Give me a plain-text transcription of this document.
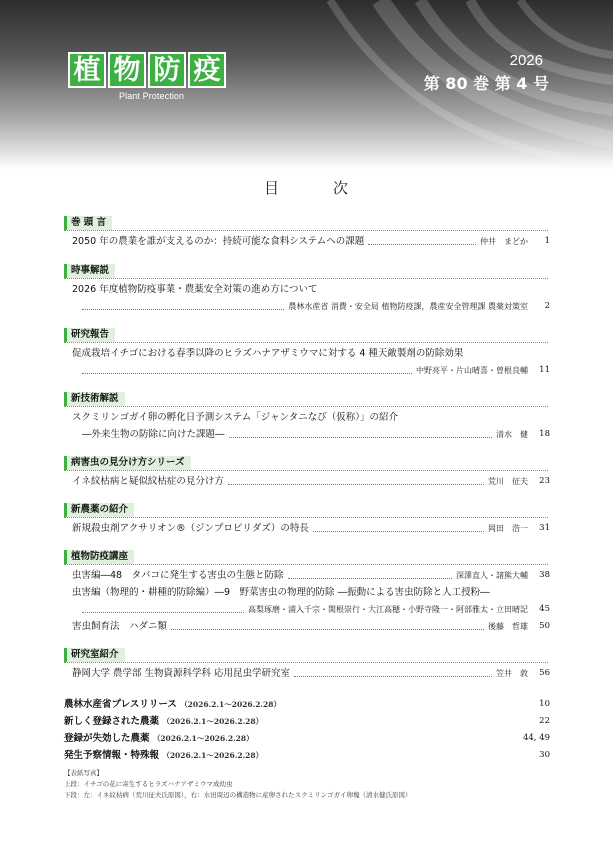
植 物 防 疫
Plant Protection
2026
第 80 巻 第 4 号
目次
巻 頭 言
2050 年の農業を誰が支えるのか：持続可能な食料システムへの課題	仲井　まどか	1
時事解説
2026 年度植物防疫事業・農薬安全対策の進め方について
農林水産省 消費・安全局 植物防疫課，農産安全管理課 農薬対策室	2
研究報告
促成栽培イチゴにおける春季以降のヒラズハナアザミウマに対する 4 種天敵製剤の防除効果
中野亮平・片山晴喜・曽根良輔	11
新技術解説
スクミリンゴガイ卵の孵化日予測システム「ジャンタニなび（仮称）」の紹介
―外来生物の防除に向けた課題―	清水　健	18
病害虫の見分け方シリーズ
イネ紋枯病と疑似紋枯症の見分け方	荒川　征夫	23
新農薬の紹介
新規殺虫剤アクサリオン®（ジンプロピリダズ）の特長	岡田　浩一	31
植物防疫講座
虫害編―48　タバコに発生する害虫の生態と防除	深澤直人・諸熊大輔	38
虫害編（物理的・耕種的防除編）―9　野菜害虫の物理的防除 ―振動による害虫防除と人工授粉―
高梨琢磨・浦入千宗・関根崇行・大江高穂・小野寺隆一・阿部雅太・立田晴記	45
害虫飼育法　ハダニ類	後藤　哲雄	50
研究室紹介
静岡大学 農学部 生物資源科学科 応用昆虫学研究室	笠井　敦	56
農林水産省プレスリリース （2026.2.1～2026.2.28）	10
新しく登録された農薬 （2026.2.1～2026.2.28）	22
登録が失効した農薬 （2026.2.1～2026.2.28）	44, 49
発生予察情報・特殊報 （2026.2.1～2026.2.28）	30
【表紙写真】
上段：イチゴの花に寄生するヒラズハナアザミウマ成幼虫
下段：左：イネ紋枯病（荒川征夫氏原図），右：水田周辺の構造物に産卵されたスクミリンゴガイ卵塊（清水健氏原図）
